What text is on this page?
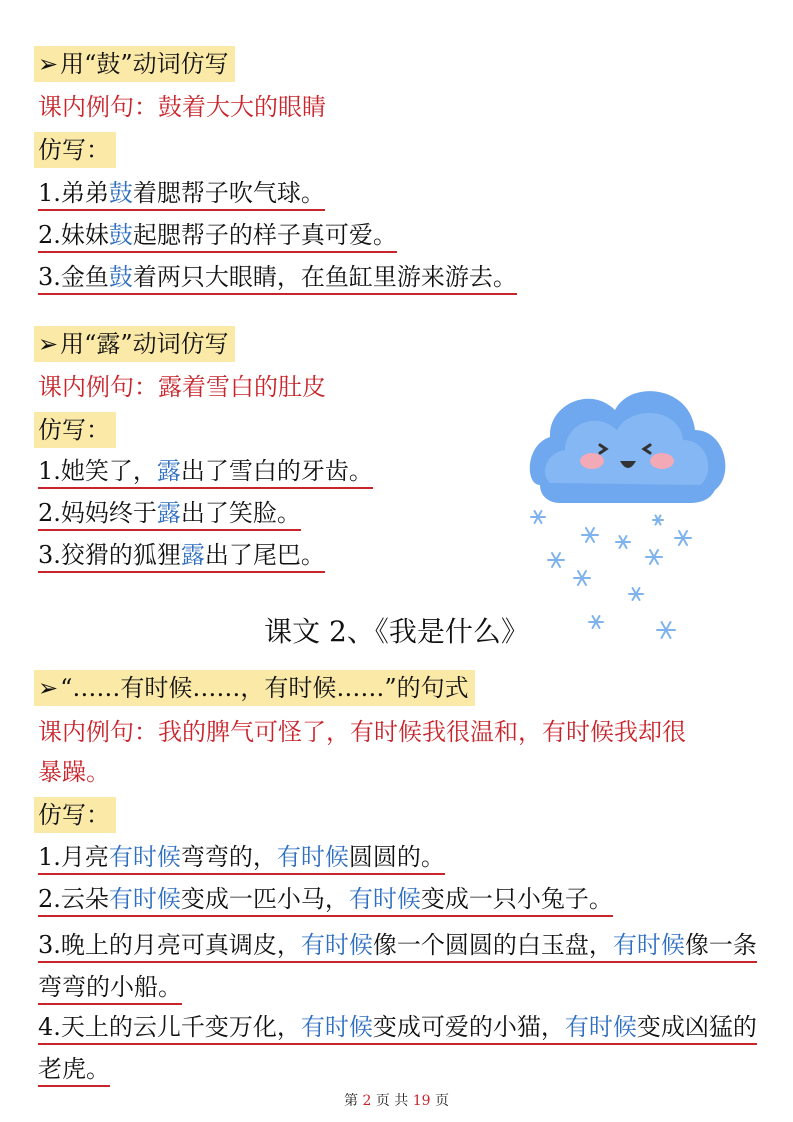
➢用“鼓”动词仿写
课内例句：鼓着大大的眼睛
仿写：
1.弟弟鼓着腮帮子吹气球。
2.妹妹鼓起腮帮子的样子真可爱。
3.金鱼鼓着两只大眼睛，在鱼缸里游来游去。
➢用“露”动词仿写
课内例句：露着雪白的肚皮
仿写：
1.她笑了，露出了雪白的牙齿。
2.妈妈终于露出了笑脸。
3.狡猾的狐狸露出了尾巴。
课文 2、《我是什么》
➢“……有时候……，有时候……”的句式
课内例句：我的脾气可怪了，有时候我很温和，有时候我却很
暴躁。
仿写：
1.月亮有时候弯弯的，有时候圆圆的。
2.云朵有时候变成一匹小马，有时候变成一只小兔子。
3.晚上的月亮可真调皮，有时候像一个圆圆的白玉盘，有时候像一条弯弯的小船。
4.天上的云儿千变万化，有时候变成可爱的小猫，有时候变成凶猛的老虎。
第 2 页 共 19 页
